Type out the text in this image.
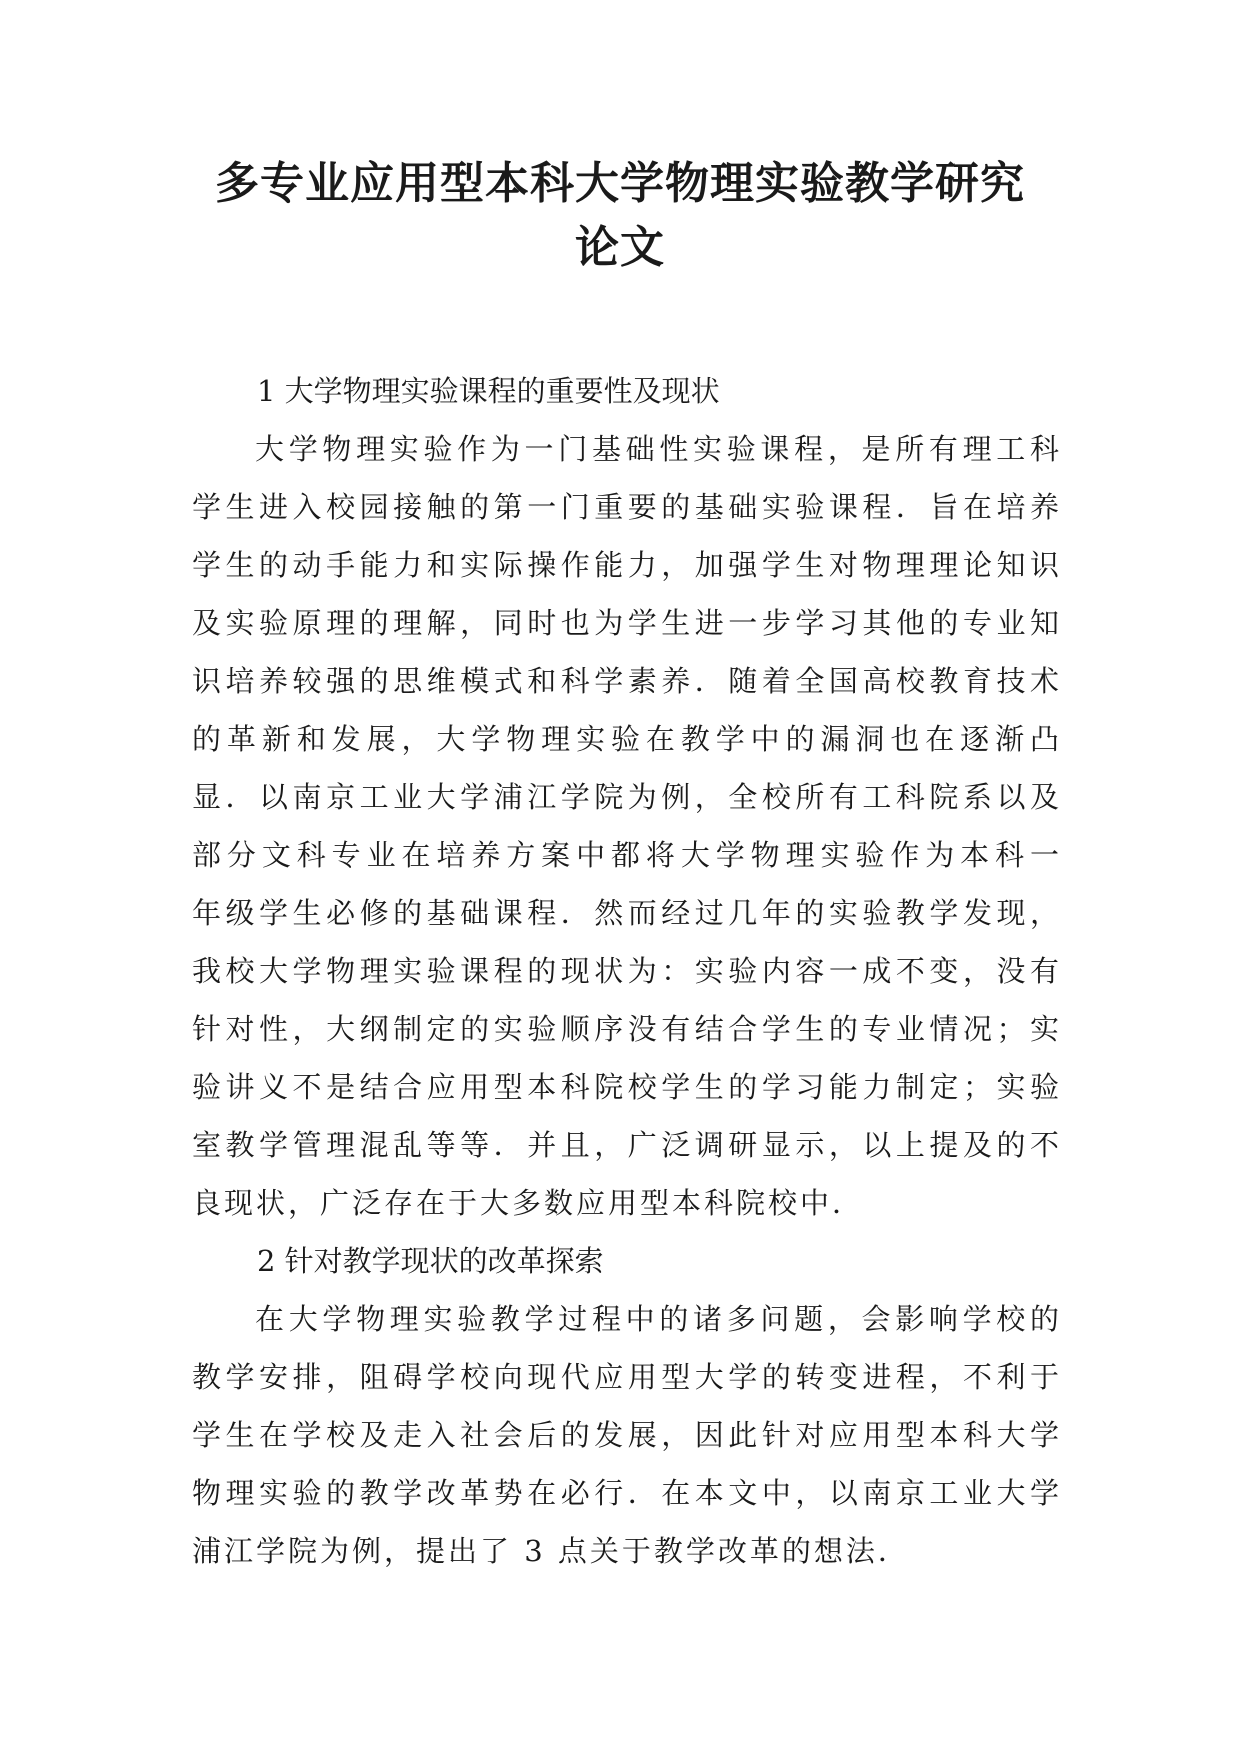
多专业应用型本科大学物理实验教学研究
论文
1 大学物理实验课程的重要性及现状
大学物理实验作为一门基础性实验课程，是所有理工科
学生进入校园接触的第一门重要的基础实验课程．旨在培养
学生的动手能力和实际操作能力，加强学生对物理理论知识
及实验原理的理解，同时也为学生进一步学习其他的专业知
识培养较强的思维模式和科学素养．随着全国高校教育技术
的革新和发展，大学物理实验在教学中的漏洞也在逐渐凸
显．以南京工业大学浦江学院为例，全校所有工科院系以及
部分文科专业在培养方案中都将大学物理实验作为本科一
年级学生必修的基础课程．然而经过几年的实验教学发现，
我校大学物理实验课程的现状为：实验内容一成不变，没有
针对性，大纲制定的实验顺序没有结合学生的专业情况；实
验讲义不是结合应用型本科院校学生的学习能力制定；实验
室教学管理混乱等等．并且，广泛调研显示，以上提及的不
良现状，广泛存在于大多数应用型本科院校中．
2 针对教学现状的改革探索
在大学物理实验教学过程中的诸多问题，会影响学校的
教学安排，阻碍学校向现代应用型大学的转变进程，不利于
学生在学校及走入社会后的发展，因此针对应用型本科大学
物理实验的教学改革势在必行．在本文中，以南京工业大学
浦江学院为例，提出了 3 点关于教学改革的想法．
